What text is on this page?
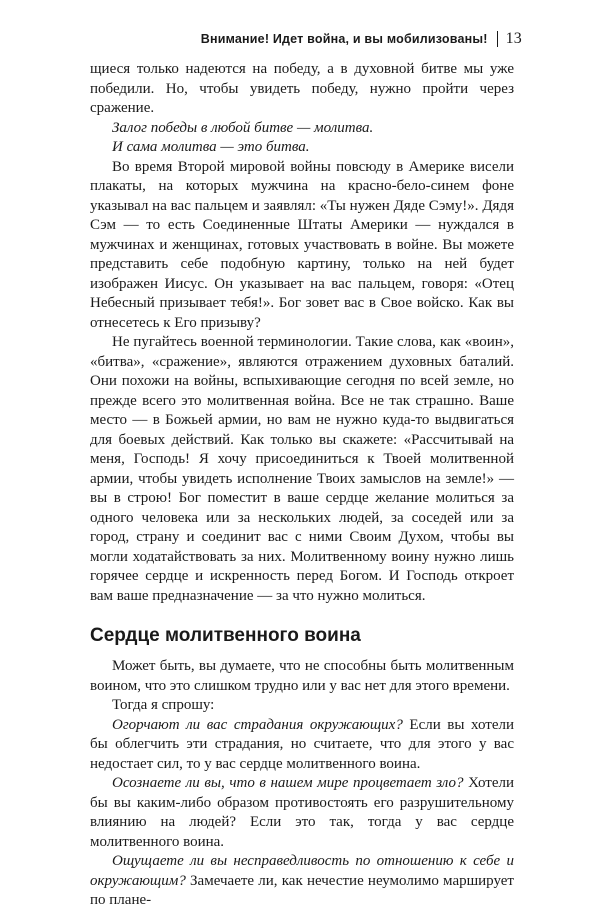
Внимание! Идет война, и вы мобилизованы! 13

щиеся только надеются на победу, а в духовной битве мы уже победили. Но, чтобы увидеть победу, нужно пройти через сражение.

Залог победы в любой битве — молитва.

И сама молитва — это битва.

Во время Второй мировой войны повсюду в Америке висели плакаты, на которых мужчина на красно-бело-синем фоне указывал на вас пальцем и заявлял: «Ты нужен Дяде Сэму!». Дядя Сэм — то есть Соединенные Штаты Америки — нуждался в мужчинах и женщинах, готовых участвовать в войне. Вы можете представить себе подобную картину, только на ней будет изображен Иисус. Он указывает на вас пальцем, говоря: «Отец Небесный призывает тебя!». Бог зовет вас в Свое войско. Как вы отнесетесь к Его призыву?

Не пугайтесь военной терминологии. Такие слова, как «воин», «битва», «сражение», являются отражением духовных баталий. Они похожи на войны, вспыхивающие сегодня по всей земле, но прежде всего это молитвенная война. Все не так страшно. Ваше место — в Божьей армии, но вам не нужно куда-то выдвигаться для боевых действий. Как только вы скажете: «Рассчитывай на меня, Господь! Я хочу присоединиться к Твоей молитвенной армии, чтобы увидеть исполнение Твоих замыслов на земле!» — вы в строю! Бог поместит в ваше сердце желание молиться за одного человека или за нескольких людей, за соседей или за город, страну и соединит вас с ними Своим Духом, чтобы вы могли ходатайствовать за них. Молитвенному воину нужно лишь горячее сердце и искренность перед Богом. И Господь откроет вам ваше предназначение — за что нужно молиться.

Сердце молитвенного воина

Может быть, вы думаете, что не способны быть молитвенным воином, что это слишком трудно или у вас нет для этого времени.

Тогда я спрошу:

Огорчают ли вас страдания окружающих? Если вы хотели бы облегчить эти страдания, но считаете, что для этого у вас недостает сил, то у вас сердце молитвенного воина.

Осознаете ли вы, что в нашем мире процветает зло? Хотели бы вы каким-либо образом противостоять его разрушительному влиянию на людей? Если это так, тогда у вас сердце молитвенного воина.

Ощущаете ли вы несправедливость по отношению к себе и окружающим? Замечаете ли, как нечестие неумолимо марширует по плане-
